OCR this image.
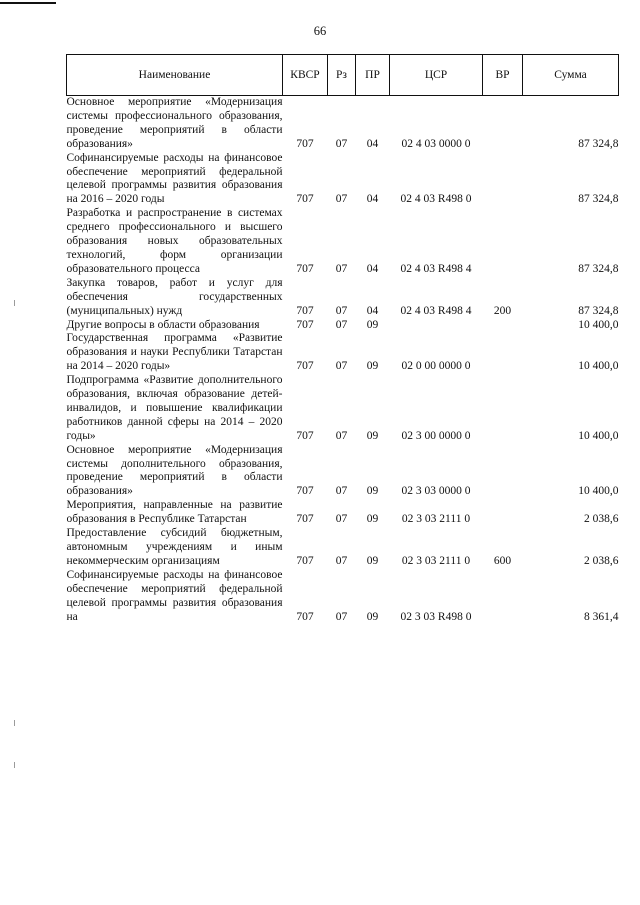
66
Наименование	КВСР	Рз	ПР	ЦСР	ВР	Сумма
Основное мероприятие «Модернизация системы профессионального образования, проведение мероприятий в области образования»	707	07	04	02 4 03 0000 0		87 324,8
Софинансируемые расходы на финансовое обеспечение мероприятий федеральной целевой программы развития образования на 2016 – 2020 годы	707	07	04	02 4 03 R498 0		87 324,8
Разработка и распространение в системах среднего профессионального и высшего образования новых образовательных технологий, форм организации образовательного процесса	707	07	04	02 4 03 R498 4		87 324,8
Закупка товаров, работ и услуг для обеспечения государственных (муниципальных) нужд	707	07	04	02 4 03 R498 4	200	87 324,8
Другие вопросы в области образования	707	07	09			10 400,0
Государственная программа «Развитие образования и науки Республики Татарстан на 2014 – 2020 годы»	707	07	09	02 0 00 0000 0		10 400,0
Подпрограмма «Развитие дополнительного образования, включая образование детей-инвалидов, и повышение квалификации работников данной сферы на 2014 – 2020 годы»	707	07	09	02 3 00 0000 0		10 400,0
Основное мероприятие «Модернизация системы дополнительного образования, проведение мероприятий в области образования»	707	07	09	02 3 03 0000 0		10 400,0
Мероприятия, направленные на развитие образования в Республике Татарстан	707	07	09	02 3 03 2111 0		2 038,6
Предоставление субсидий бюджетным, автономным учреждениям и иным некоммерческим организациям	707	07	09	02 3 03 2111 0	600	2 038,6
Софинансируемые расходы на финансовое обеспечение мероприятий федеральной целевой программы развития образования на	707	07	09	02 3 03 R498 0		8 361,4
